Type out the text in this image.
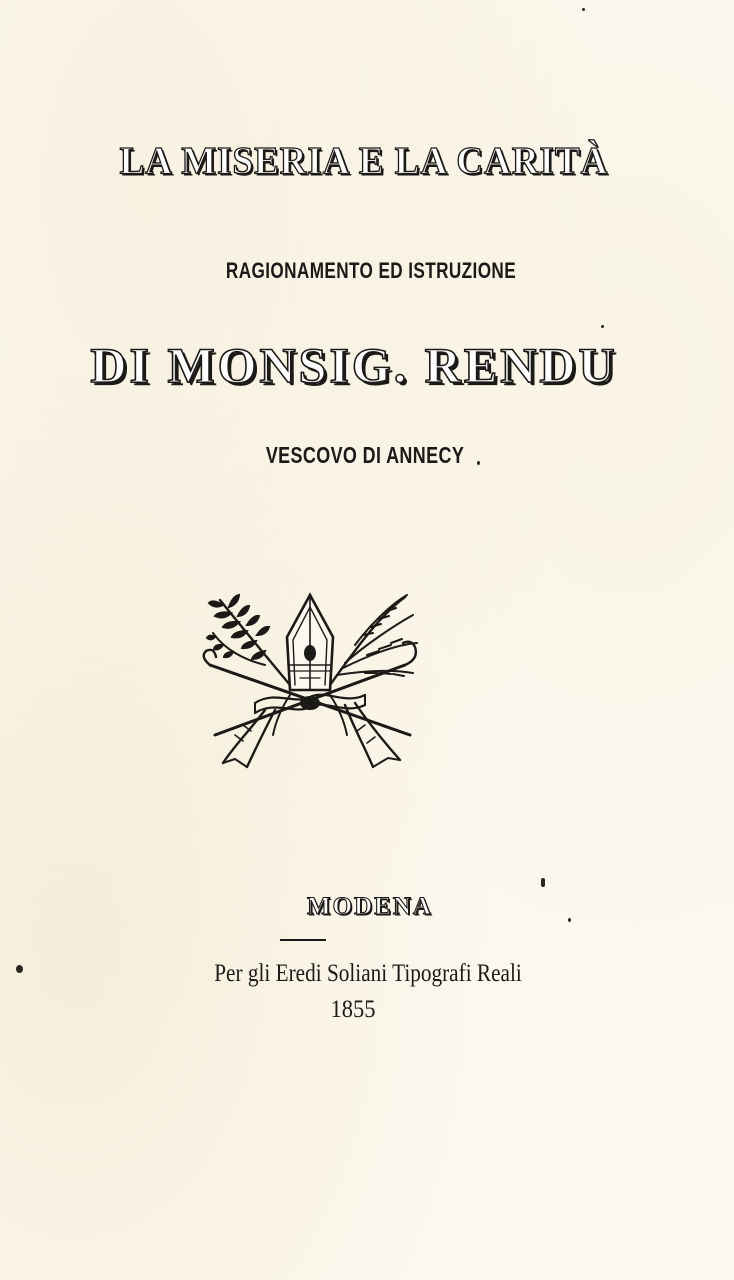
LA MISERIA E LA CARITÀ
RAGIONAMENTO ED ISTRUZIONE
DI MONSIG. RENDU
VESCOVO DI ANNECY
MODENA
Per gli Eredi Soliani Tipografi Reali
1855
